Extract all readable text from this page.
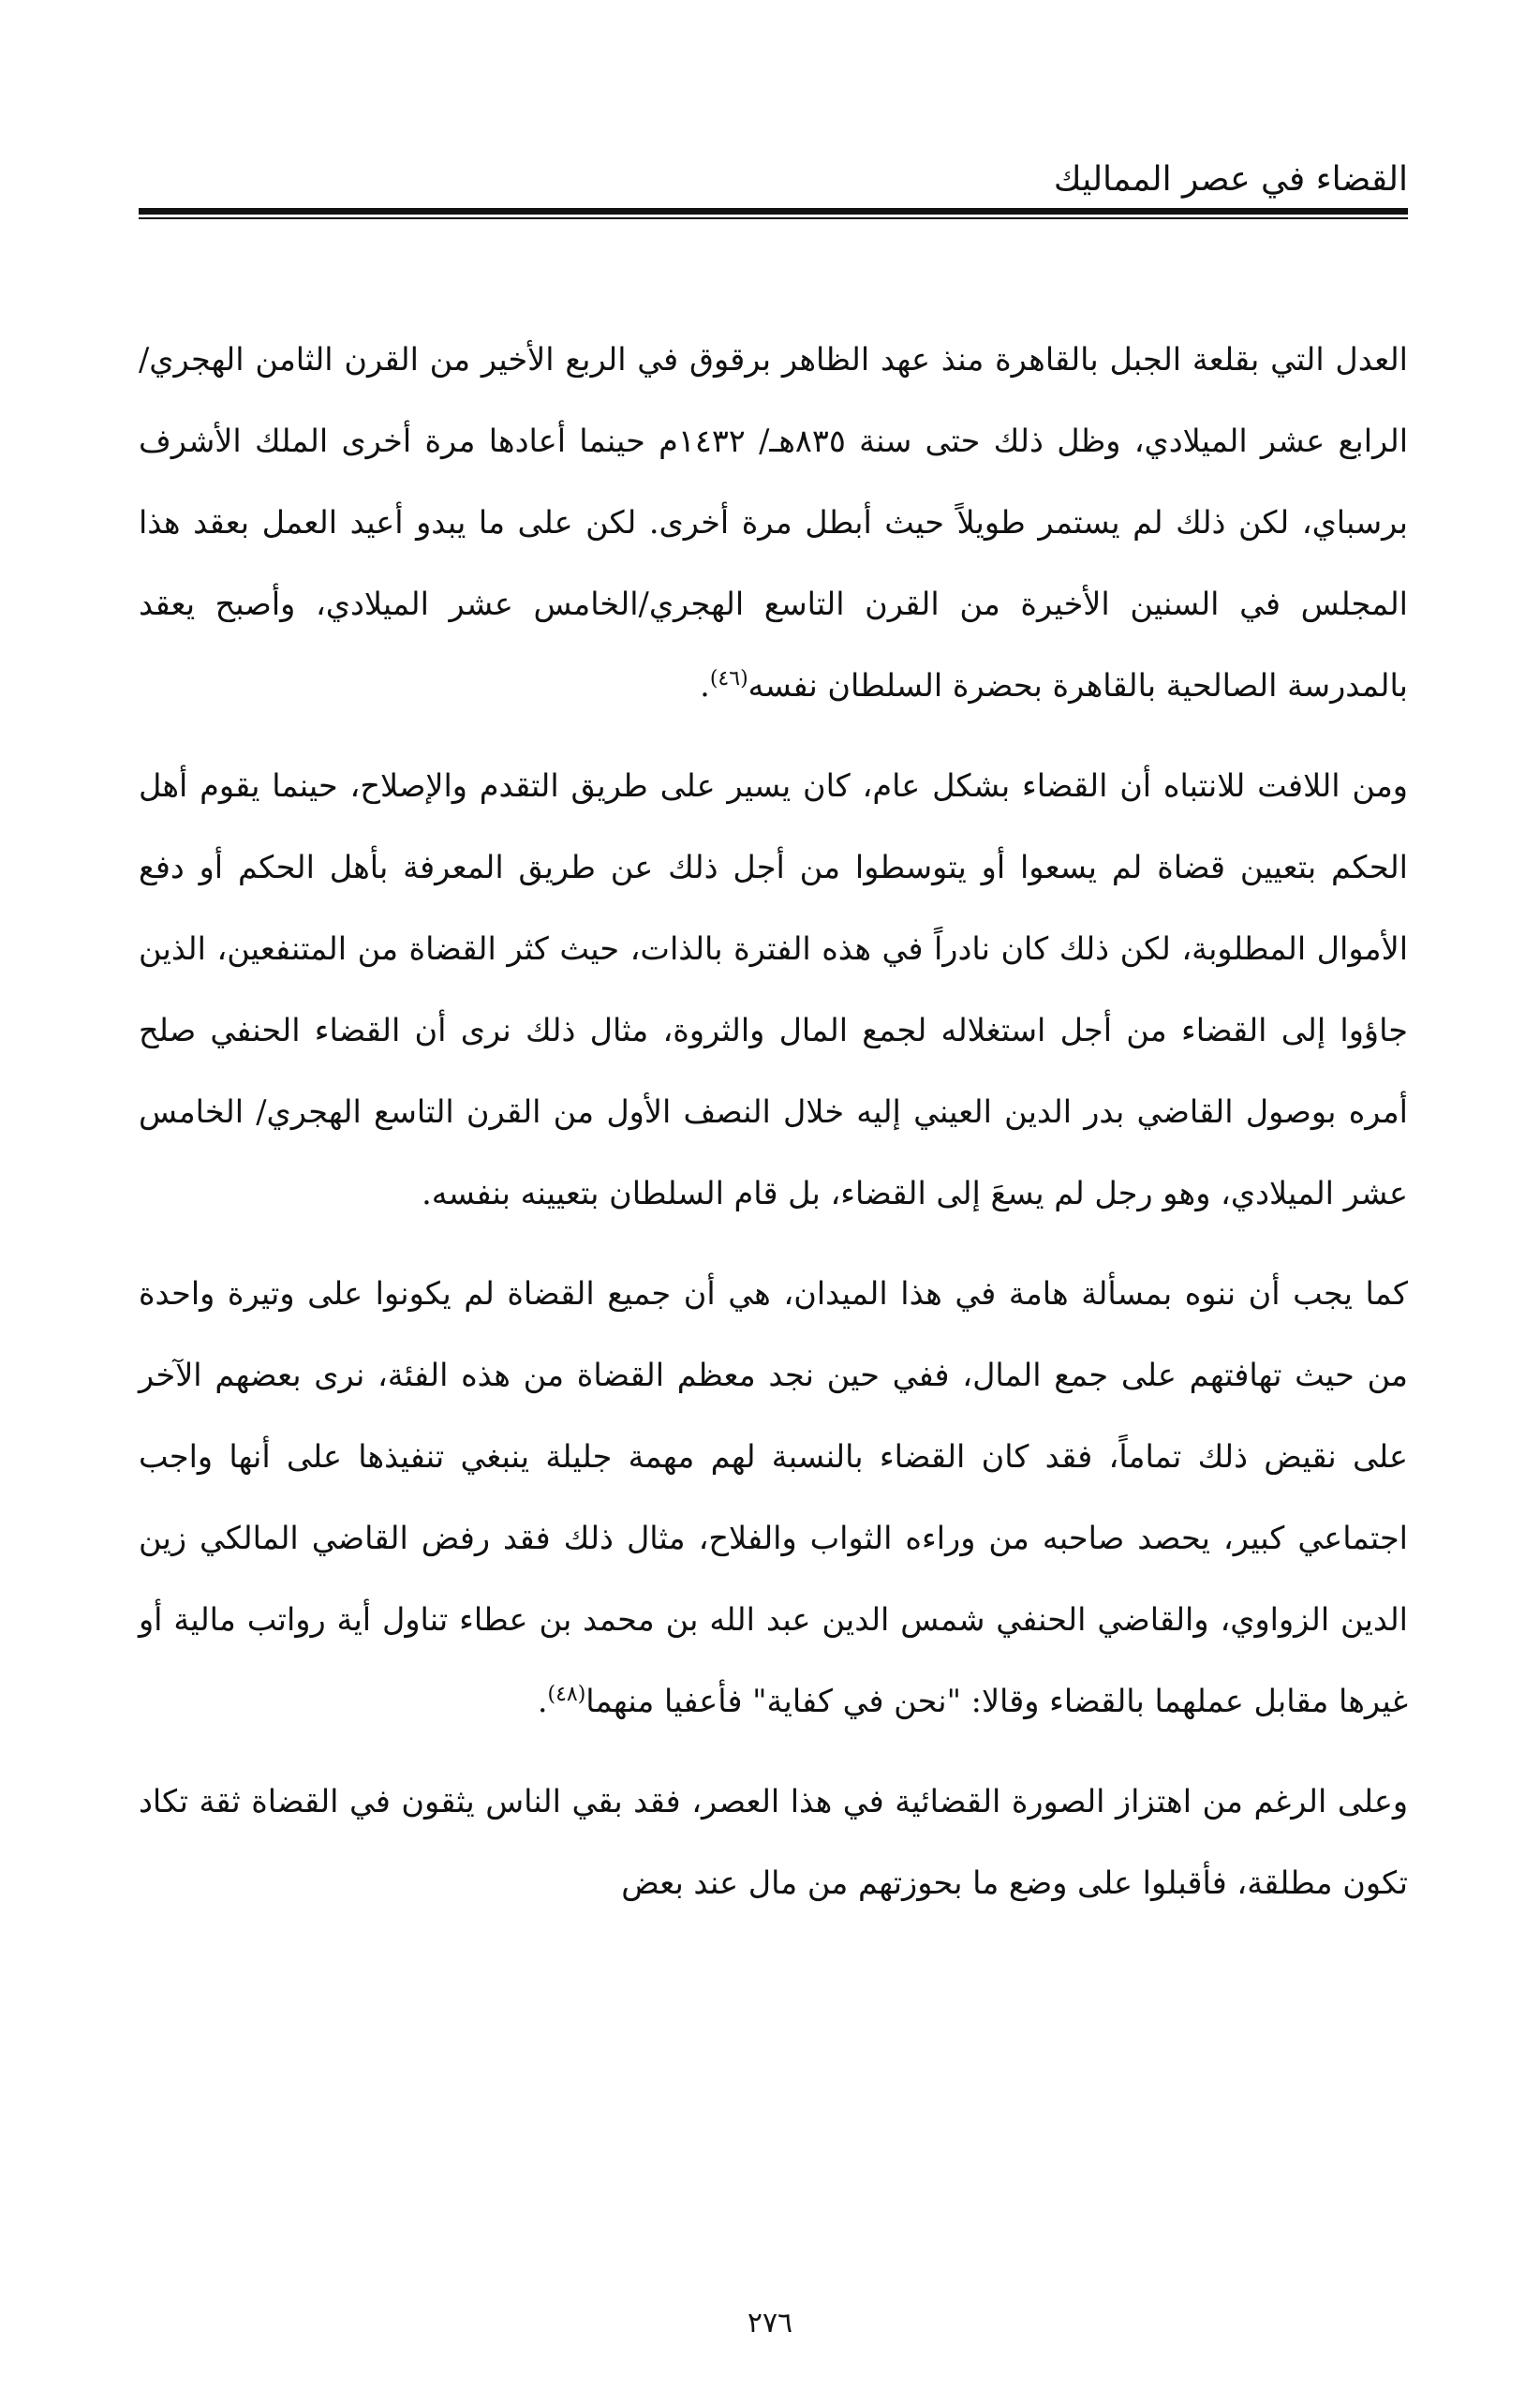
القضاء في عصر المماليك

العدل التي بقلعة الجبل بالقاهرة منذ عهد الظاهر برقوق في الربع الأخير من القرن الثامن الهجري/ الرابع عشر الميلادي، وظل ذلك حتى سنة ٨٣٥هـ/ ١٤٣٢م حينما أعادها مرة أخرى الملك الأشرف برسباي، لكن ذلك لم يستمر طويلاً حيث أبطل مرة أخرى. لكن على ما يبدو أعيد العمل بعقد هذا المجلس في السنين الأخيرة من القرن التاسع الهجري/الخامس عشر الميلادي، وأصبح يعقد بالمدرسة الصالحية بالقاهرة بحضرة السلطان نفسه$^{(٤٦)}$.

ومن اللافت للانتباه أن القضاء بشكل عام، كان يسير على طريق التقدم والإصلاح، حينما يقوم أهل الحكم بتعيين قضاة لم يسعوا أو يتوسطوا من أجل ذلك عن طريق المعرفة بأهل الحكم أو دفع الأموال المطلوبة، لكن ذلك كان نادراً في هذه الفترة بالذات، حيث كثر القضاة من المتنفعين، الذين جاؤوا إلى القضاء من أجل استغلاله لجمع المال والثروة، مثال ذلك نرى أن القضاء الحنفي صلح أمره بوصول القاضي بدر الدين العيني إليه خلال النصف الأول من القرن التاسع الهجري/ الخامس عشر الميلادي، وهو رجل لم يسعَ إلى القضاء، بل قام السلطان بتعيينه بنفسه.

كما يجب أن ننوه بمسألة هامة في هذا الميدان، هي أن جميع القضاة لم يكونوا على وتيرة واحدة من حيث تهافتهم على جمع المال، ففي حين نجد معظم القضاة من هذه الفئة، نرى بعضهم الآخر على نقيض ذلك تماماً، فقد كان القضاء بالنسبة لهم مهمة جليلة ينبغي تنفيذها على أنها واجب اجتماعي كبير، يحصد صاحبه من وراءه الثواب والفلاح، مثال ذلك فقد رفض القاضي المالكي زين الدين الزواوي، والقاضي الحنفي شمس الدين عبد الله بن محمد بن عطاء تناول أية رواتب مالية أو غيرها مقابل عملهما بالقضاء وقالا: "نحن في كفاية" فأعفيا منهما$^{(٤٨)}$.

وعلى الرغم من اهتزاز الصورة القضائية في هذا العصر، فقد بقي الناس يثقون في القضاة ثقة تكاد تكون مطلقة، فأقبلوا على وضع ما بحوزتهم من مال عند بعض

٢٧٦
